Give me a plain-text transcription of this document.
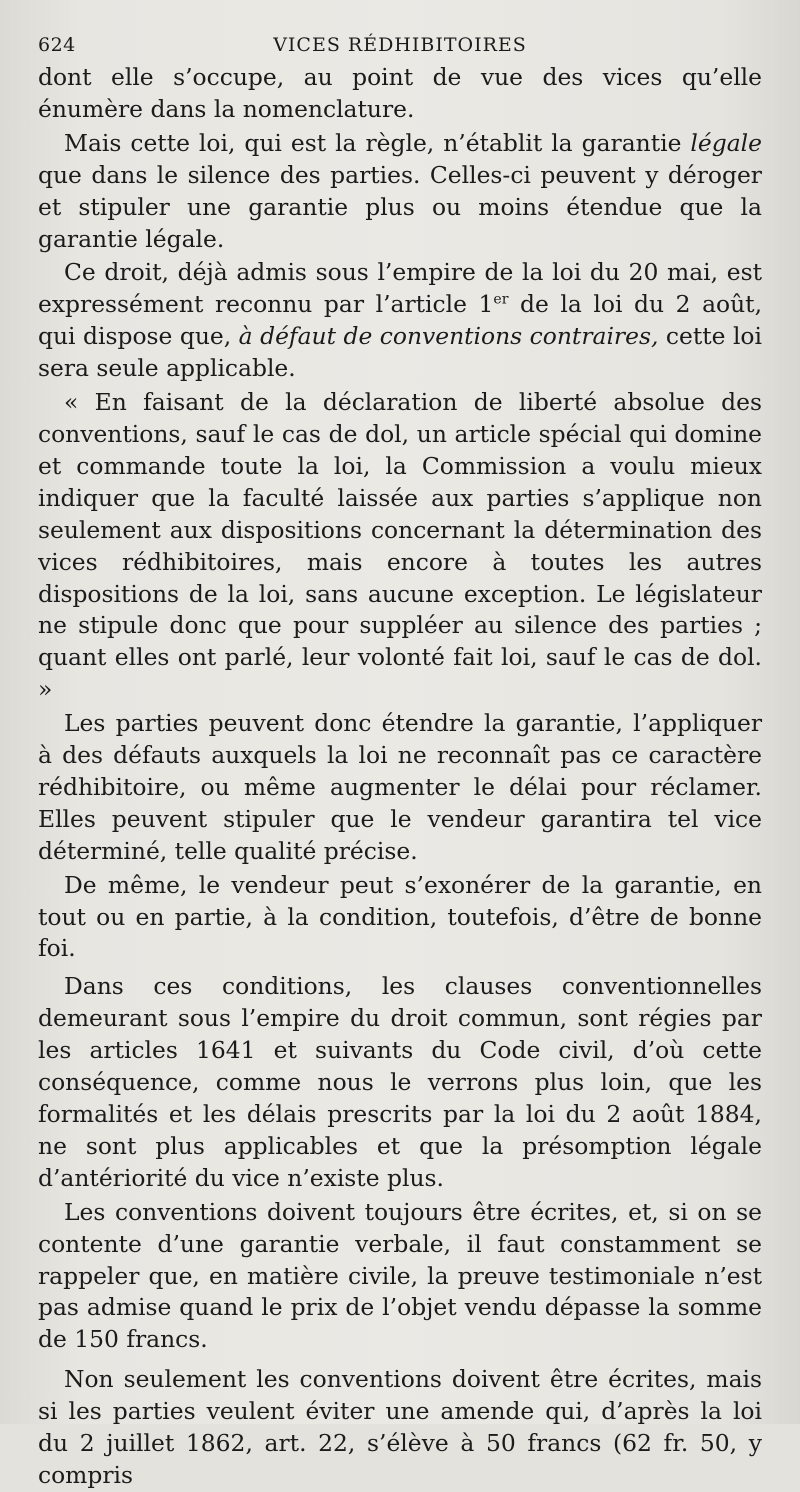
624	VICES RÉDHIBITOIRES

dont elle s’occupe, au point de vue des vices qu’elle énumère dans la nomenclature.

Mais cette loi, qui est la règle, n’établit la garantie légale que dans le silence des parties. Celles-ci peuvent y déroger et stipuler une garantie plus ou moins étendue que la garantie légale.

Ce droit, déjà admis sous l’empire de la loi du 20 mai, est expressément reconnu par l’article 1er de la loi du 2 août, qui dispose que, à défaut de conventions contraires, cette loi sera seule applicable.

« En faisant de la déclaration de liberté absolue des conventions, sauf le cas de dol, un article spécial qui domine et commande toute la loi, la Commission a voulu mieux indiquer que la faculté laissée aux parties s’applique non seulement aux dispositions concernant la détermination des vices rédhibitoires, mais encore à toutes les autres dispositions de la loi, sans aucune exception. Le législateur ne stipule donc que pour suppléer au silence des parties ; quant elles ont parlé, leur volonté fait loi, sauf le cas de dol. »

Les parties peuvent donc étendre la garantie, l’appliquer à des défauts auxquels la loi ne reconnaît pas ce caractère rédhibitoire, ou même augmenter le délai pour réclamer. Elles peuvent stipuler que le vendeur garantira tel vice déterminé, telle qualité précise.

De même, le vendeur peut s’exonérer de la garantie, en tout ou en partie, à la condition, toutefois, d’être de bonne foi.

Dans ces conditions, les clauses conventionnelles demeurant sous l’empire du droit commun, sont régies par les articles 1641 et suivants du Code civil, d’où cette conséquence, comme nous le verrons plus loin, que les formalités et les délais prescrits par la loi du 2 août 1884, ne sont plus applicables et que la présomption légale d’antériorité du vice n’existe plus.

Les conventions doivent toujours être écrites, et, si on se contente d’une garantie verbale, il faut constamment se rappeler que, en matière civile, la preuve testimoniale n’est pas admise quand le prix de l’objet vendu dépasse la somme de 150 francs.

Non seulement les conventions doivent être écrites, mais si les parties veulent éviter une amende qui, d’après la loi du 2 juillet 1862, art. 22, s’élève à 50 francs (62 fr. 50, y compris
